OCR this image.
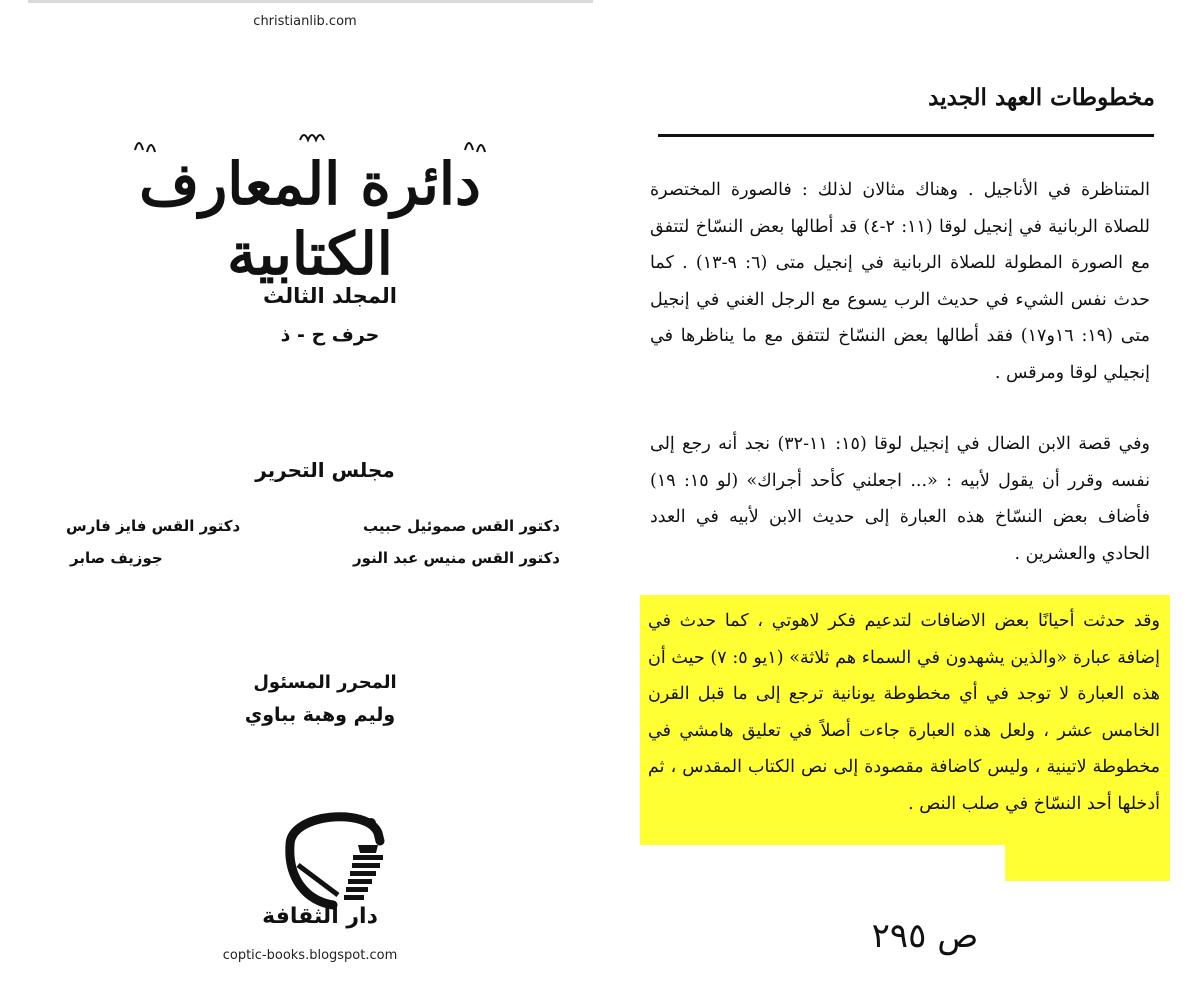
christianlib.com
دائرة المعارف الكتابية
المجلد الثالث
حرف ح - ذ
مجلس التحرير
دكتور القس صموئيل حبيب
دكتور القس فايز فارس
دكتور القس منيس عبد النور
جوزيف صابر
المحرر المسئول
وليم وهبة بباوي
دار الثقافة
coptic-books.blogspot.com
مخطوطات العهد الجديد
المتناظرة في الأناجيل . وهناك مثالان لذلك : فالصورة المختصرة للصلاة الربانية في إنجيل لوقا (١١: ٢-٤) قد أطالها بعض النسّاخ لتتفق مع الصورة المطولة للصلاة الربانية في إنجيل متى (٦: ٩-١٣) . كما حدث نفس الشيء في حديث الرب يسوع مع الرجل الغني في إنجيل متى (١٩: ١٦و١٧) فقد أطالها بعض النسّاخ لتتفق مع ما يناظرها في إنجيلي لوقا ومرقس .
وفي قصة الابن الضال في إنجيل لوقا (١٥: ١١-٣٢) نجد أنه رجع إلى نفسه وقرر أن يقول لأبيه : «... اجعلني كأحد أجراك» (لو ١٥: ١٩) فأضاف بعض النسّاخ هذه العبارة إلى حديث الابن لأبيه في العدد الحادي والعشرين .
وقد حدثت أحيانًا بعض الاضافات لتدعيم فكر لاهوتي ، كما حدث في إضافة عبارة «والذين يشهدون في السماء هم ثلاثة» (١يو ٥: ٧) حيث أن هذه العبارة لا توجد في أي مخطوطة يونانية ترجع إلى ما قبل القرن الخامس عشر ، ولعل هذه العبارة جاءت أصلاً في تعليق هامشي في مخطوطة لاتينية ، وليس كاضافة مقصودة إلى نص الكتاب المقدس ، ثم أدخلها أحد النسّاخ في صلب النص .
ص ٢٩٥
